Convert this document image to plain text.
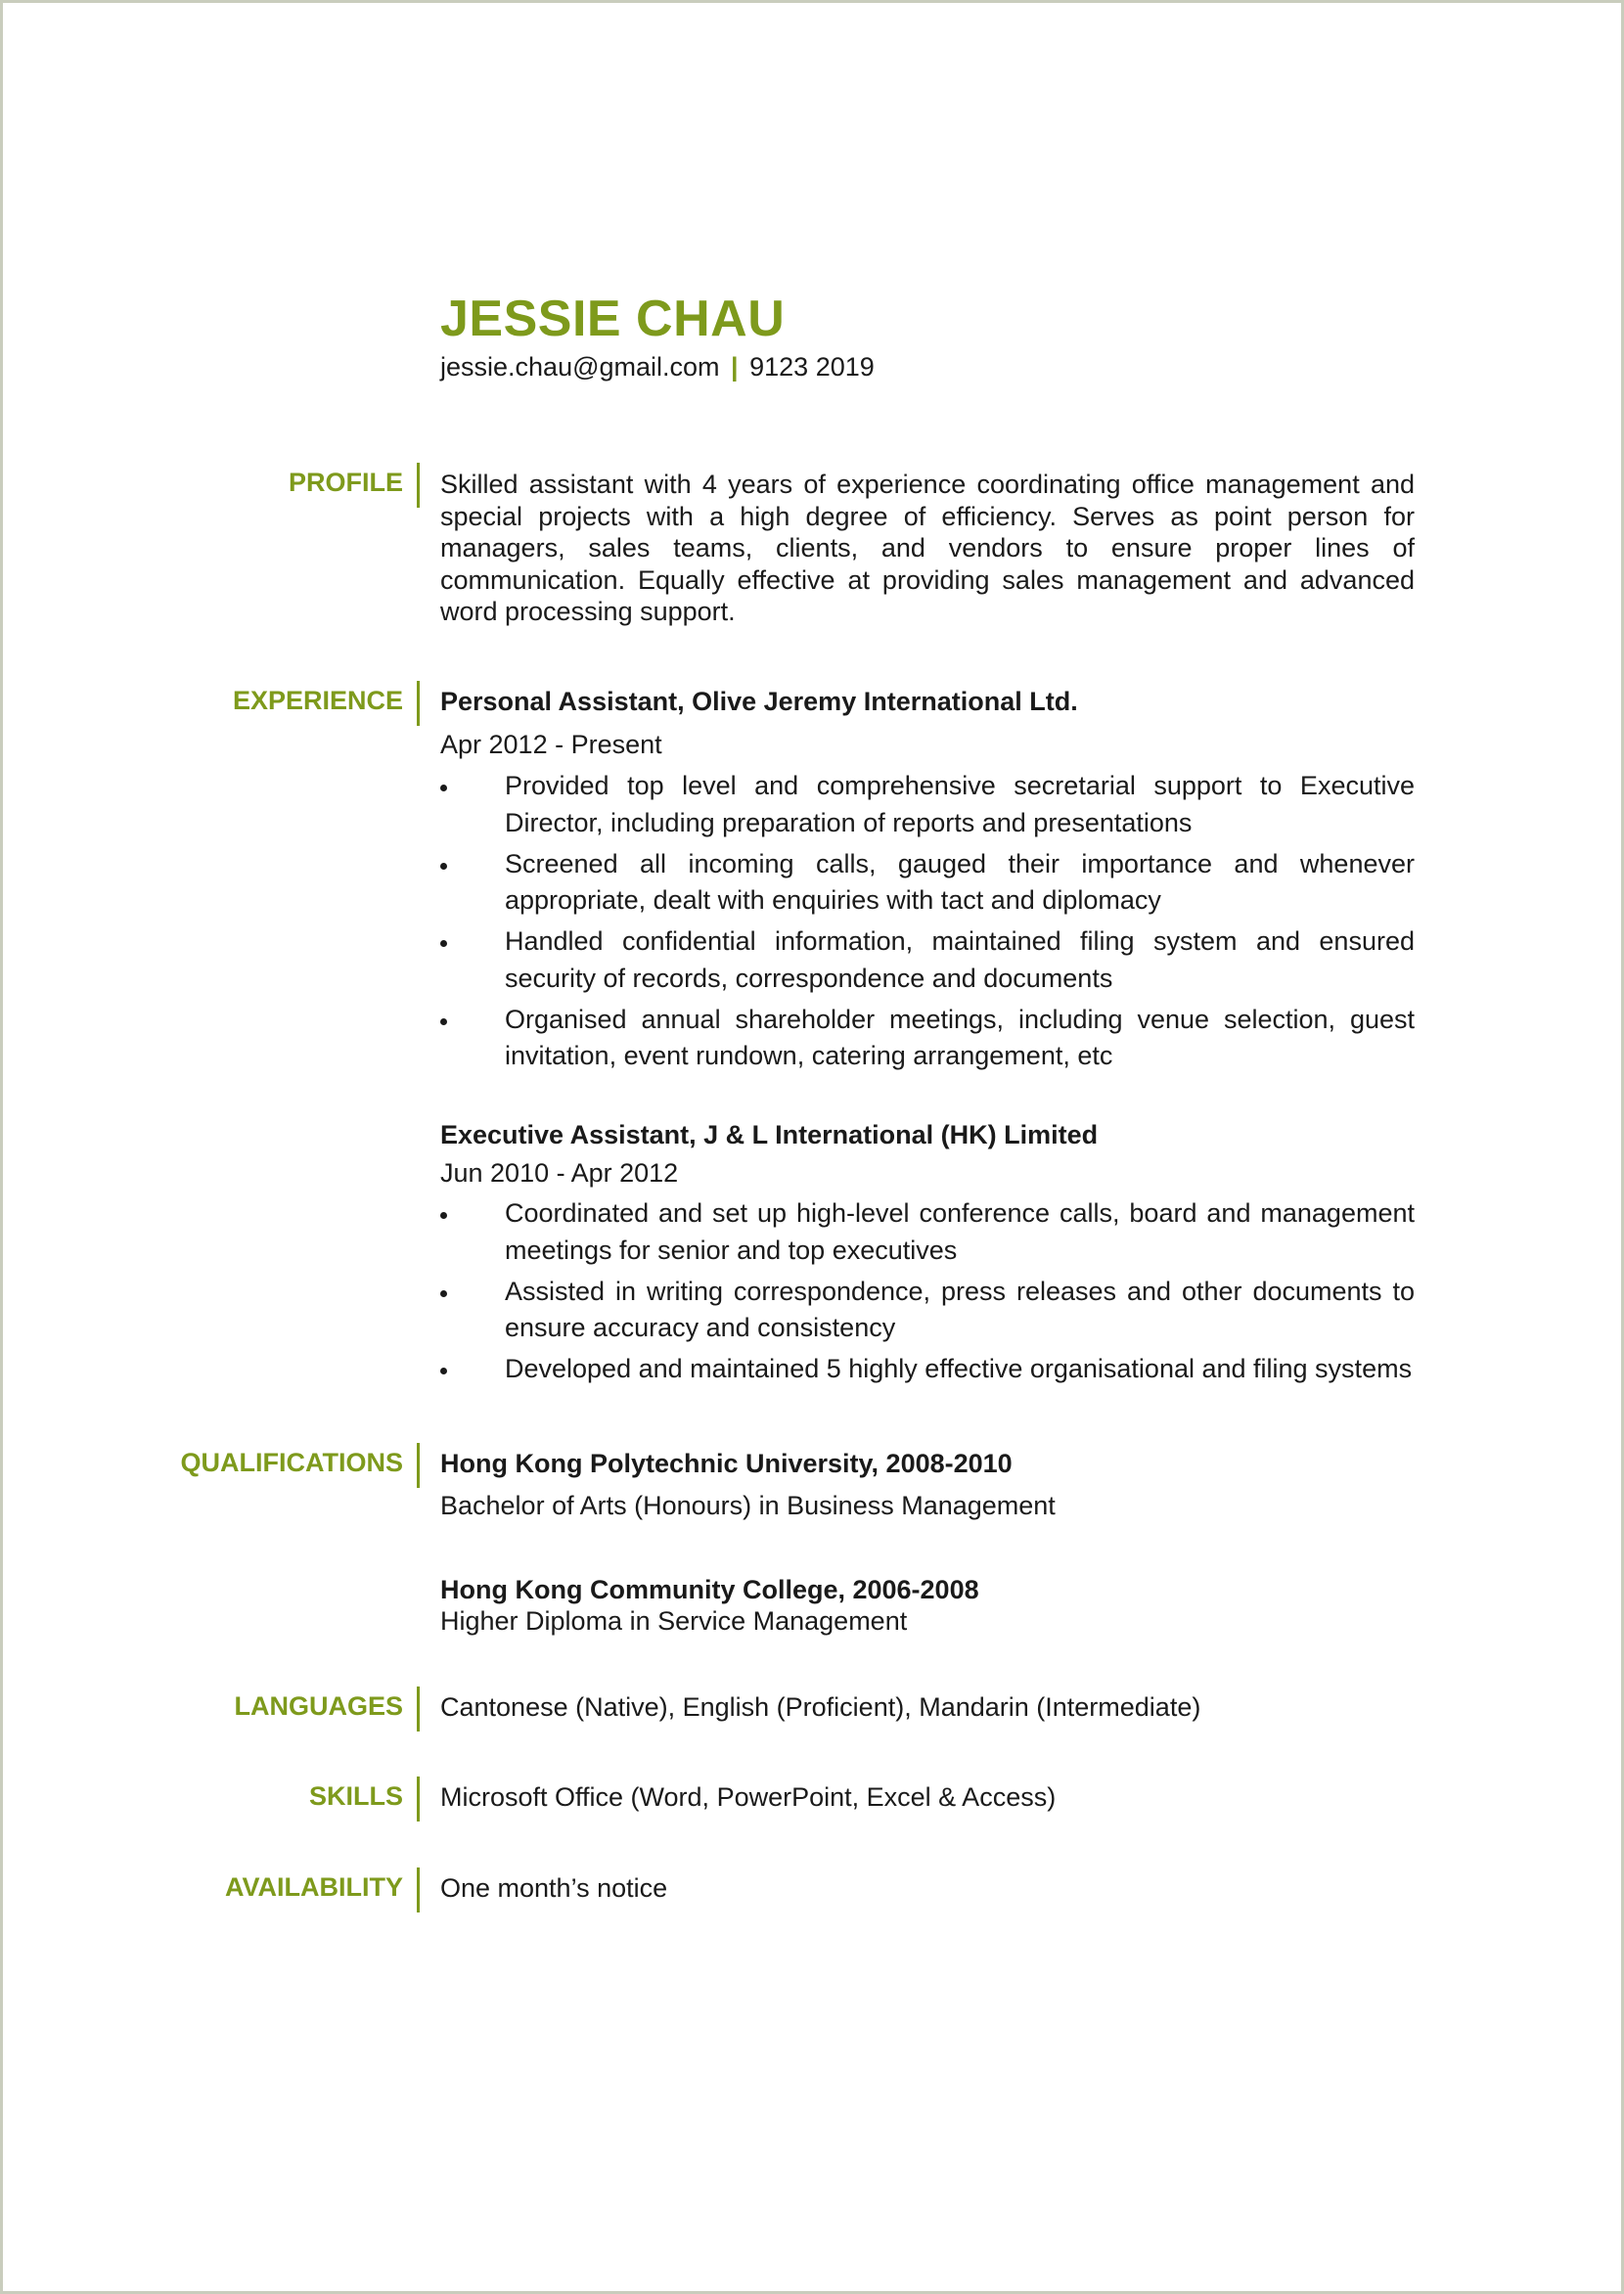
JESSIE CHAU
jessie.chau@gmail.com | 9123 2019
PROFILE Skilled assistant with 4 years of experience coordinating office management and special projects with a high degree of efficiency. Serves as point person for managers, sales teams, clients, and vendors to ensure proper lines of communication. Equally effective at providing sales management and advanced word processing support.
EXPERIENCE Personal Assistant, Olive Jeremy International Ltd.
Apr 2012 - Present
Provided top level and comprehensive secretarial support to Executive Director, including preparation of reports and presentations
Screened all incoming calls, gauged their importance and whenever appropriate, dealt with enquiries with tact and diplomacy
Handled confidential information, maintained filing system and ensured security of records, correspondence and documents
Organised annual shareholder meetings, including venue selection, guest invitation, event rundown, catering arrangement, etc
Executive Assistant, J & L International (HK) Limited
Jun 2010 - Apr 2012
Coordinated and set up high-level conference calls, board and management meetings for senior and top executives
Assisted in writing correspondence, press releases and other documents to ensure accuracy and consistency
Developed and maintained 5 highly effective organisational and filing systems
QUALIFICATIONS Hong Kong Polytechnic University, 2008-2010
Bachelor of Arts (Honours) in Business Management
Hong Kong Community College, 2006-2008
Higher Diploma in Service Management
LANGUAGES Cantonese (Native), English (Proficient), Mandarin (Intermediate)
SKILLS Microsoft Office (Word, PowerPoint, Excel & Access)
AVAILABILITY One month’s notice
